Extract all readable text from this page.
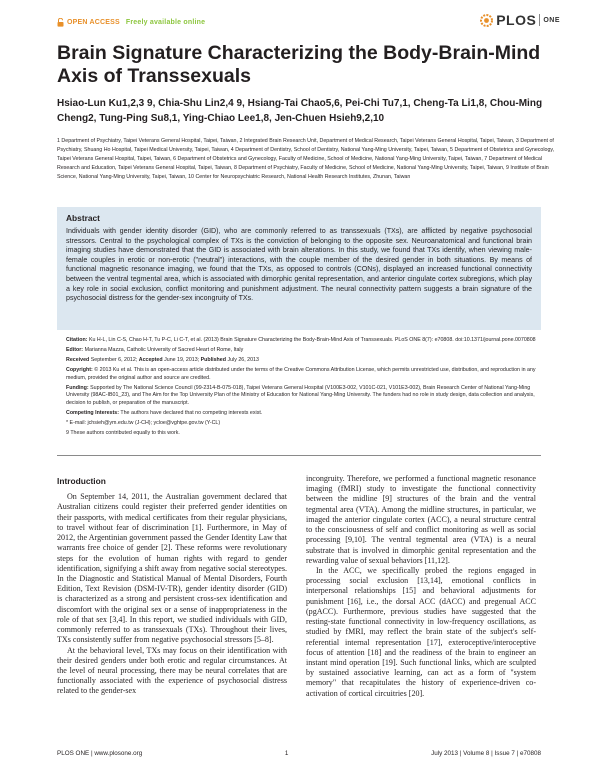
OPEN ACCESS Freely available online	PLOS ONE
Brain Signature Characterizing the Body-Brain-Mind Axis of Transsexuals

Hsiao-Lun Ku1,2,3 9, Chia-Shu Lin2,4 9, Hsiang-Tai Chao5,6, Pei-Chi Tu7,1, Cheng-Ta Li1,8, Chou-Ming Cheng2, Tung-Ping Su8,1, Ying-Chiao Lee1,8, Jen-Chuen Hsieh9,2,10

1 Department of Psychiatry, Taipei Veterans General Hospital, Taipei, Taiwan, 2 Integrated Brain Research Unit, Department of Medical Research, Taipei Veterans General Hospital, Taipei, Taiwan, 3 Department of Psychiatry, Shuang Ho Hospital, Taipei Medical University, Taipei, Taiwan, 4 Department of Dentistry, School of Dentistry, National Yang-Ming University, Taipei, Taiwan, 5 Department of Obstetrics and Gynecology, Taipei Veterans General Hospital, Taipei, Taiwan, 6 Department of Obstetrics and Gynecology, Faculty of Medicine, School of Medicine, National Yang-Ming University, Taipei, Taiwan, 7 Department of Medical Research and Education, Taipei Veterans General Hospital, Taipei, Taiwan, 8 Department of Psychiatry, Faculty of Medicine, School of Medicine, National Yang-Ming University, Taipei, Taiwan, 9 Institute of Brain Science, National Yang-Ming University, Taipei, Taiwan, 10 Center for Neuropsychiatric Research, National Health Research Institutes, Zhunan, Taiwan

Abstract

Individuals with gender identity disorder (GID), who are commonly referred to as transsexuals (TXs), are afflicted by negative psychosocial stressors. Central to the psychological complex of TXs is the conviction of belonging to the opposite sex. Neuroanatomical and functional brain imaging studies have demonstrated that the GID is associated with brain alterations. In this study, we found that TXs identify, when viewing male-female couples in erotic or non-erotic ("neutral") interactions, with the couple member of the desired gender in both situations. By means of functional magnetic resonance imaging, we found that the TXs, as opposed to controls (CONs), displayed an increased functional connectivity between the ventral tegmental area, which is associated with dimorphic genital representation, and anterior cingulate cortex subregions, which play a key role in social exclusion, conflict monitoring and punishment adjustment. The neural connectivity pattern suggests a brain signature of the psychosocial distress for the gender-sex incongruity of TXs.

Citation: Ku H-L, Lin C-S, Chao H-T, Tu P-C, Li C-T, et al. (2013) Brain Signature Characterizing the Body-Brain-Mind Axis of Transsexuals. PLoS ONE 8(7): e70808. doi:10.1371/journal.pone.0070808

Editor: Marianna Mazza, Catholic University of Sacred Heart of Rome, Italy

Received September 6, 2012; Accepted June 19, 2013; Published July 26, 2013

Copyright: © 2013 Ku et al. This is an open-access article distributed under the terms of the Creative Commons Attribution License, which permits unrestricted use, distribution, and reproduction in any medium, provided the original author and source are credited.

Funding: Supported by The National Science Council (99-2314-B-075-018), Taipei Veterans General Hospital (V100E3-002, V101C-021, V101E3-002), Brain Research Center of National Yang-Ming University (98AC-IB01_23), and The Aim for the Top University Plan of the Ministry of Education for National Yang-Ming University. The funders had no role in study design, data collection and analysis, decision to publish, or preparation of the manuscript.

Competing Interests: The authors have declared that no competing interests exist.

* E-mail: jchsieh@ym.edu.tw (J-CH); ycloe@vghtpe.gov.tw (Y-CL)

9 These authors contributed equally to this work.

Introduction

On September 14, 2011, the Australian government declared that Australian citizens could register their preferred gender identities on their passports, with medical certificates from their regular physicians, to travel without fear of discrimination [1]. Furthermore, in May of 2012, the Argentinian government passed the Gender Identity Law that warrants free choice of gender [2]. These reforms were revolutionary steps for the evolution of human rights with regard to gender identification, signifying a shift away from negative social stereotypes. In the Diagnostic and Statistical Manual of Mental Disorders, Fourth Edition, Text Revision (DSM-IV-TR), gender identity disorder (GID) is characterized as a strong and persistent cross-sex identification and discomfort with the original sex or a sense of inappropriateness in the role of that sex [3,4]. In this report, we studied individuals with GID, commonly referred to as transsexuals (TXs). Throughout their lives, TXs consistently suffer from negative psychosocial stressors [5–8].

At the behavioral level, TXs may focus on their identification with their desired genders under both erotic and regular circumstances. At the level of neural processing, there may be neural correlates that are functionally associated with the experience of psychosocial distress related to the gender-sex

incongruity. Therefore, we performed a functional magnetic resonance imaging (fMRI) study to investigate the functional connectivity between the midline [9] structures of the brain and the ventral tegmental area (VTA). Among the midline structures, in particular, we imaged the anterior cingulate cortex (ACC), a neural structure central to the consciousness of self and conflict monitoring as well as social processing [9,10]. The ventral tegmental area (VTA) is a neural substrate that is involved in dimorphic genital representation and the rewarding value of sexual behaviors [11,12].

In the ACC, we specifically probed the regions engaged in processing social exclusion [13,14], emotional conflicts in interpersonal relationships [15] and behavioral adjustments for punishment [16], i.e., the dorsal ACC (dACC) and pregenual ACC (pgACC). Furthermore, previous studies have suggested that the resting-state functional connectivity in low-frequency oscillations, as studied by fMRI, may reflect the brain state of the subject's self-referential internal representation [17], exteroceptive/interoceptive focus of attention [18] and the readiness of the brain to engineer an instant mind operation [19]. Such functional links, which are sculpted by sustained associative learning, can act as a form of "system memory" that recapitulates the history of experience-driven co-activation of cortical circuitries [20].

PLOS ONE | www.plosone.org	1	July 2013 | Volume 8 | Issue 7 | e70808
